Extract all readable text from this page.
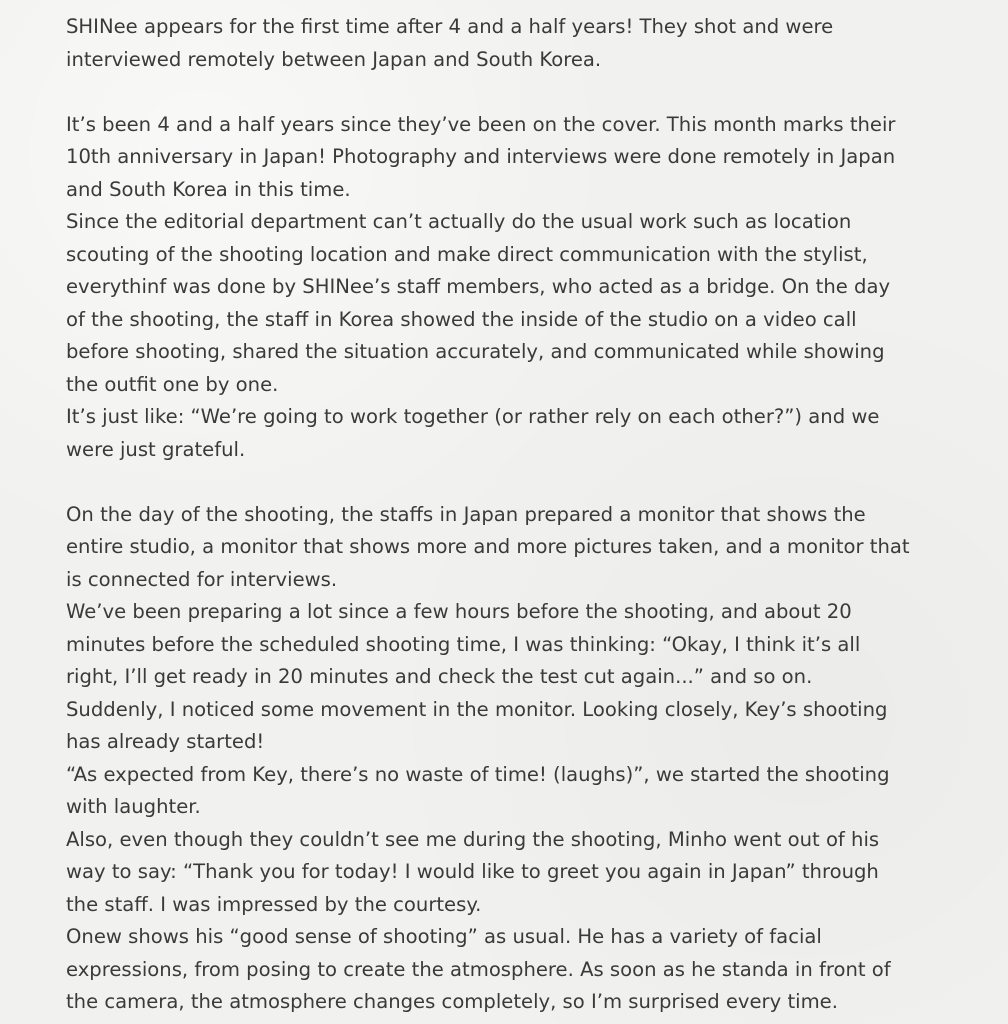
SHINee appears for the first time after 4 and a half years! They shot and were
interviewed remotely between Japan and South Korea.
It’s been 4 and a half years since they’ve been on the cover. This month marks their
10th anniversary in Japan! Photography and interviews were done remotely in Japan
and South Korea in this time.
Since the editorial department can’t actually do the usual work such as location
scouting of the shooting location and make direct communication with the stylist,
everythinf was done by SHINee’s staff members, who acted as a bridge. On the day
of the shooting, the staff in Korea showed the inside of the studio on a video call
before shooting, shared the situation accurately, and communicated while showing
the outfit one by one.
It’s just like: “We’re going to work together (or rather rely on each other?”) and we
were just grateful.
On the day of the shooting, the staffs in Japan prepared a monitor that shows the
entire studio, a monitor that shows more and more pictures taken, and a monitor that
is connected for interviews.
We’ve been preparing a lot since a few hours before the shooting, and about 20
minutes before the scheduled shooting time, I was thinking: “Okay, I think it’s all
right, I’ll get ready in 20 minutes and check the test cut again...” and so on.
Suddenly, I noticed some movement in the monitor. Looking closely, Key’s shooting
has already started!
“As expected from Key, there’s no waste of time! (laughs)”, we started the shooting
with laughter.
Also, even though they couldn’t see me during the shooting, Minho went out of his
way to say: “Thank you for today! I would like to greet you again in Japan” through
the staff. I was impressed by the courtesy.
Onew shows his “good sense of shooting” as usual. He has a variety of facial
expressions, from posing to create the atmosphere. As soon as he standa in front of
the camera, the atmosphere changes completely, so I’m surprised every time.
